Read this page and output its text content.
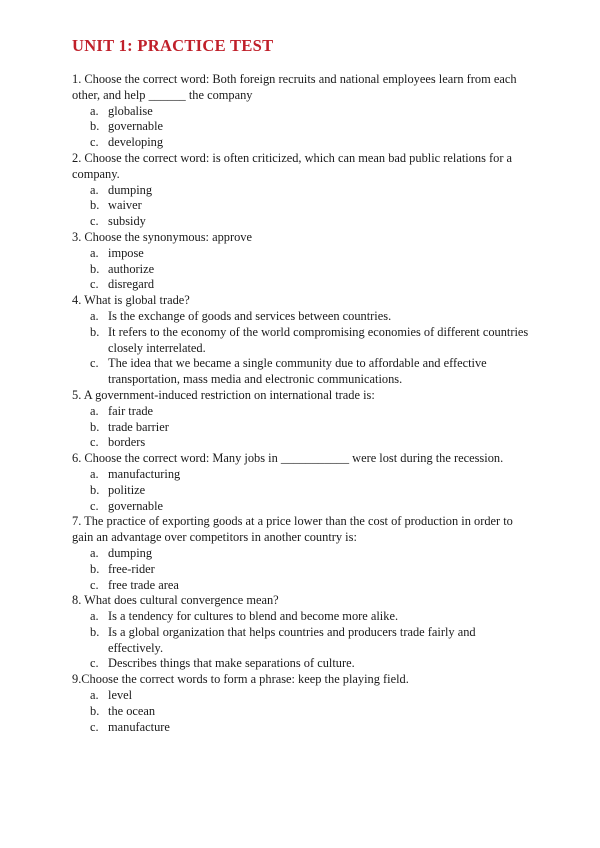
UNIT 1: PRACTICE TEST

1. Choose the correct word: Both foreign recruits and national employees learn from each other, and help ______ the company

a. globalise
b. governable
c. developing

2. Choose the correct word: is often criticized, which can mean bad public relations for a company.

a. dumping
b. waiver
c. subsidy

3. Choose the synonymous: approve

a. impose
b. authorize
c. disregard

4. What is global trade?

a. Is the exchange of goods and services between countries.
b. It refers to the economy of the world compromising economies of different countries closely interrelated.
c. The idea that we became a single community due to affordable and effective transportation, mass media and electronic communications.

5. A government-induced restriction on international trade is:

a. fair trade
b. trade barrier
c. borders

6. Choose the correct word: Many jobs in ___________ were lost during the recession.

a. manufacturing
b. politize
c. governable

7. The practice of exporting goods at a price lower than the cost of production in order to gain an advantage over competitors in another country is:

a. dumping
b. free-rider
c. free trade area

8. What does cultural convergence mean?

a. Is a tendency for cultures to blend and become more alike.
b. Is a global organization that helps countries and producers trade fairly and effectively.
c. Describes things that make separations of culture.

9.Choose the correct words to form a phrase: keep the playing field.

a. level
b. the ocean
c. manufacture
